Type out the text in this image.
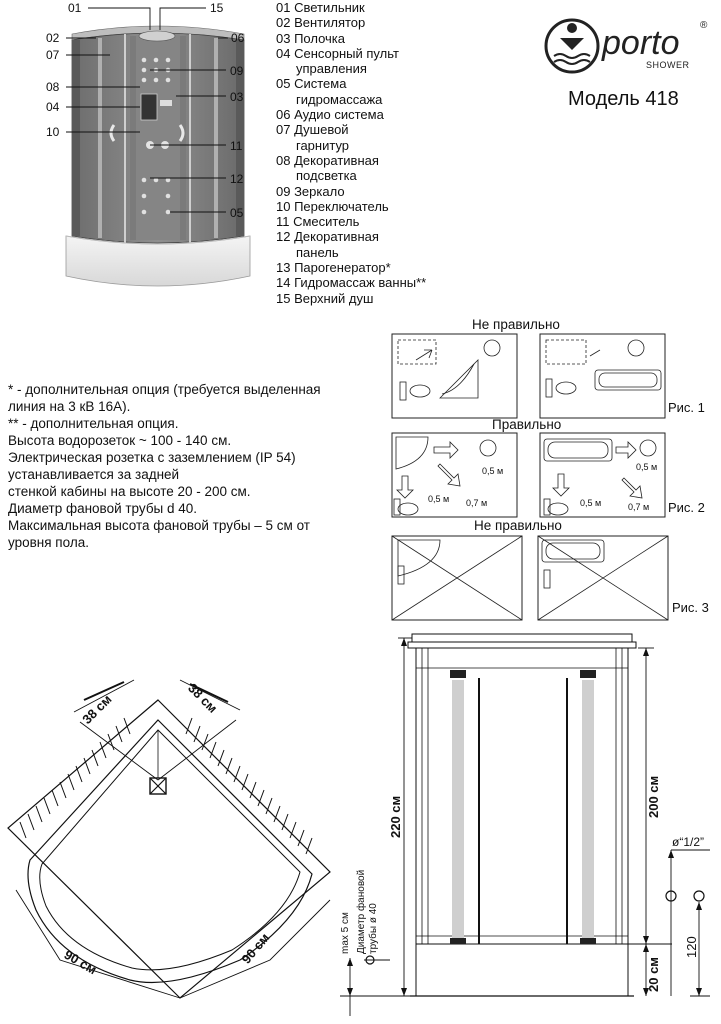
01	15
02	06
07
09
08
03
04
10
11
12
05
01 Светильник
02 Вентилятор
03 Полочка
04 Сенсорный пульт
управления
05 Система
гидромассажа
06 Аудио система
07 Душевой
гарнитур
08 Декоративная
подсветка
09 Зеркало
10 Переключатель
11 Смеситель
12 Декоративная
панель
13 Парогенератор*
14 Гидромассаж ванны**
15 Верхний душ
porto ®
SHOWER
Модель 418
* - дополнительная опция (требуется выделенная
линия на 3 кВ 16А).
** - дополнительная опция.
Высота водорозеток ~ 100 - 140 см.
Электрическая розетка с заземлением (IP 54)
устанавливается за задней
стенкой кабины на высоте 20 - 200 см.
Диаметр фановой трубы d 40.
Максимальная высота фановой трубы – 5 см от
уровня пола.
Не правильно
Правильно
Не правильно
Рис. 1
Рис. 2
Рис. 3
0,5 м
0,7 м
0,5 м
0,5 м
0,5 м	0,7 м
38 см	38 см
90 см	90 см
220 см	200 см
20 см
120
ø“1/2”
max 5 см Диаметр фановой трубы ø 40
